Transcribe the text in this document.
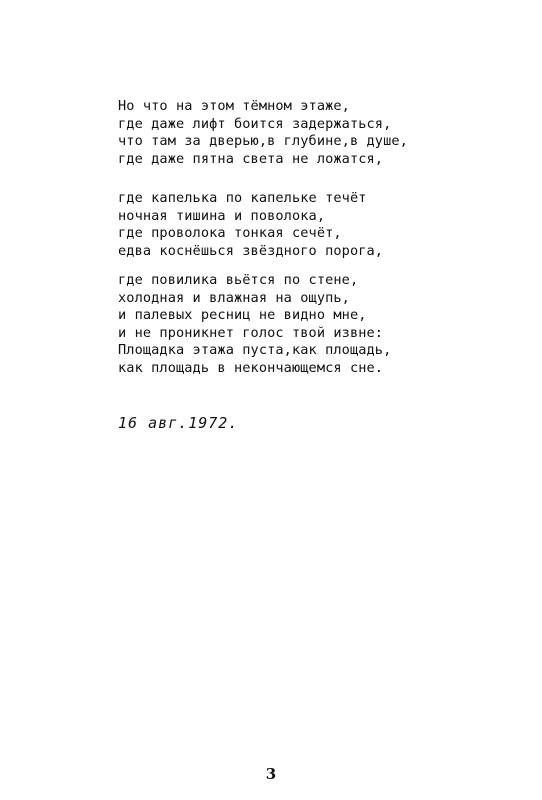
Но что на этом тёмном этаже,
где даже лифт боится задержаться,
что там за дверью,в глубине,в душе,
где даже пятна света не ложатся,
где капелька по капельке течёт
ночная тишина и поволока,
где проволока тонкая сечёт,
едва коснёшься звёздного порога,
где повилика вьётся по стене,
холодная и влажная на ощупь,
и палевых ресниц не видно мне,
и не проникнет голос твой извне:
Площадка этажа пуста,как площадь,
как площадь в некончающемся сне.
16 авг.1972.
3
